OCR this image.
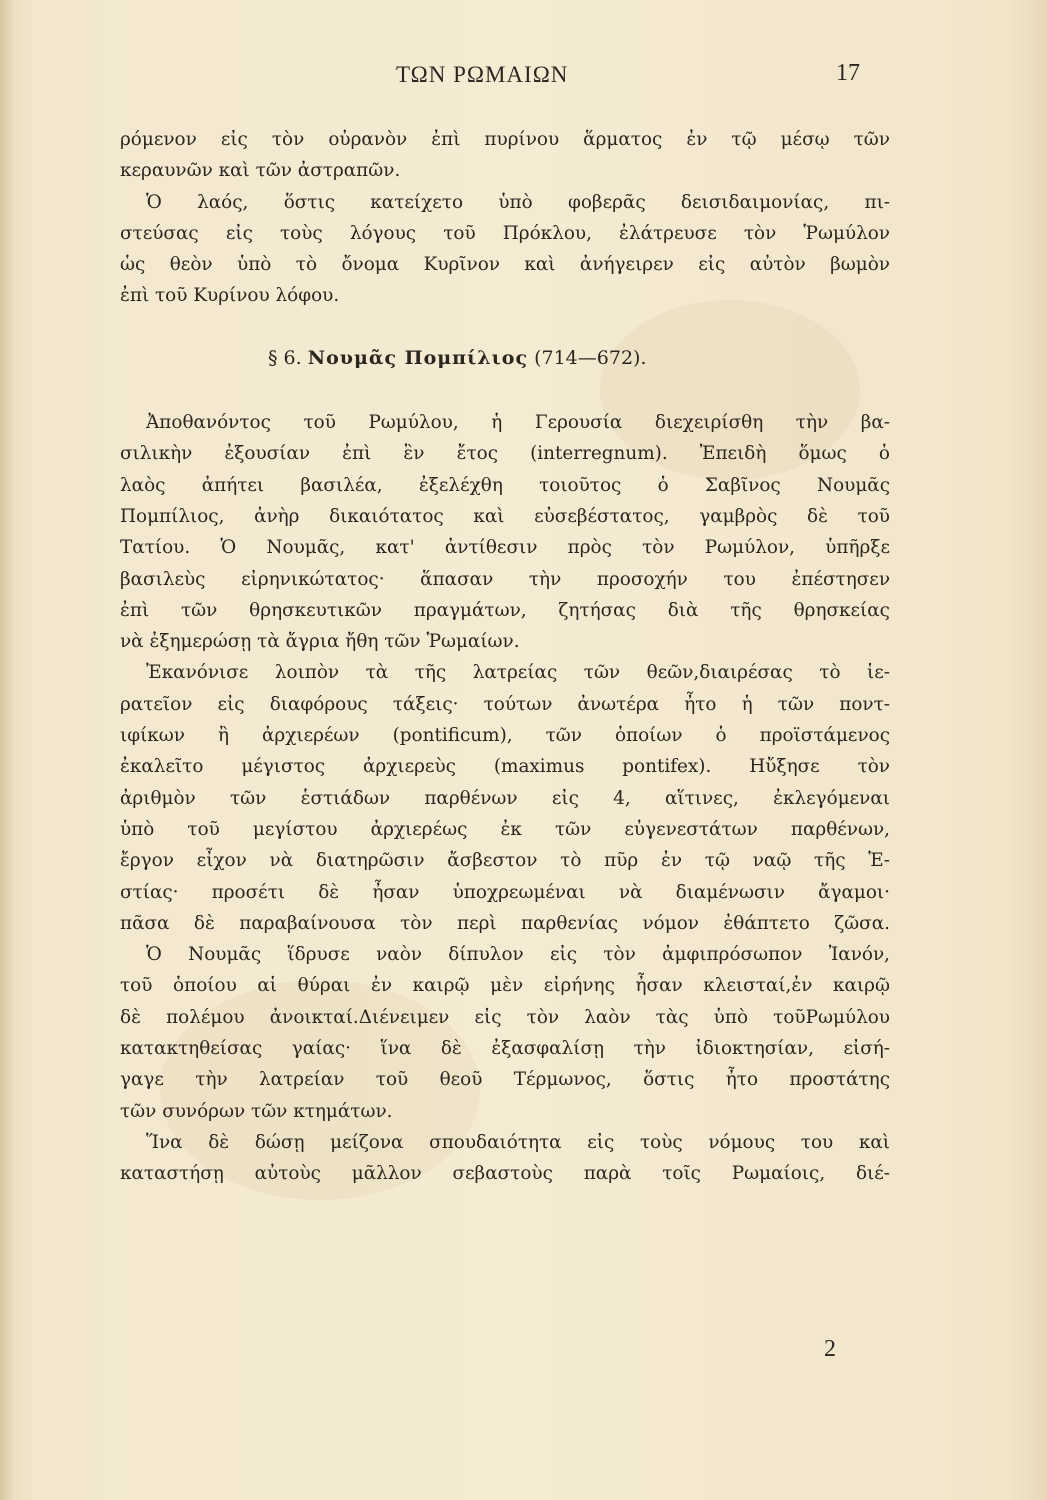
ΤΩΝ ΡΩΜΑΙΩΝ	17
ρόμενον εἰς τὸν οὐρανὸν ἐπὶ πυρίνου ἅρματος ἐν τῷ μέσῳ τῶν
κεραυνῶν καὶ τῶν ἀστραπῶν.
Ὁ λαός, ὅστις κατείχετο ὑπὸ φοβερᾶς δεισιδαιμονίας, πι-
στεύσας εἰς τοὺς λόγους τοῦ Πρόκλου, ἐλάτρευσε τὸν Ῥωμύλον
ὡς θεὸν ὑπὸ τὸ ὄνομα Κυρῖνον καὶ ἀνήγειρεν εἰς αὐτὸν βωμὸν
ἐπὶ τοῦ Κυρίνου λόφου.
§ 6. Νουμᾶς Πομπίλιος (714—672).
Ἀποθανόντος τοῦ Ρωμύλου, ἡ Γερουσία διεχειρίσθη τὴν βα-
σιλικὴν ἐξουσίαν ἐπὶ ἓν ἔτος (interregnum). Ἐπειδὴ ὅμως ὁ
λαὸς ἀπήτει βασιλέα, ἐξελέχθη τοιοῦτος ὁ Σαβῖνος Νουμᾶς
Πομπίλιος, ἀνὴρ δικαιότατος καὶ εὐσεβέστατος, γαμβρὸς δὲ τοῦ
Τατίου. Ὁ Νουμᾶς, κατ' ἀντίθεσιν πρὸς τὸν Ρωμύλον, ὑπῆρξε
βασιλεὺς εἰρηνικώτατος· ἅπασαν τὴν προσοχήν του ἐπέστησεν
ἐπὶ τῶν θρησκευτικῶν πραγμάτων, ζητήσας διὰ τῆς θρησκείας
νὰ ἐξημερώσῃ τὰ ἄγρια ἤθη τῶν Ῥωμαίων.
Ἐκανόνισε λοιπὸν τὰ τῆς λατρείας τῶν θεῶν,διαιρέσας τὸ ἱε-
ρατεῖον εἰς διαφόρους τάξεις· τούτων ἀνωτέρα ἦτο ἡ τῶν ποντ-
ιφίκων ἢ ἀρχιερέων (pontificum), τῶν ὁποίων ὁ προϊστάμενος
ἐκαλεῖτο μέγιστος ἀρχιερεὺς (maximus pontifex). Ηὔξησε τὸν
ἀριθμὸν τῶν ἑστιάδων παρθένων εἰς 4, αἵτινες, ἐκλεγόμεναι
ὑπὸ τοῦ μεγίστου ἀρχιερέως ἐκ τῶν εὐγενεστάτων παρθένων,
ἔργον εἶχον νὰ διατηρῶσιν ἄσβεστον τὸ πῦρ ἐν τῷ ναῷ τῆς Ἑ-
στίας· προσέτι δὲ ἦσαν ὑποχρεωμέναι νὰ διαμένωσιν ἄγαμοι·
πᾶσα δὲ παραβαίνουσα τὸν περὶ παρθενίας νόμον ἐθάπτετο ζῶσα.
Ὁ Νουμᾶς ἵδρυσε ναὸν δίπυλον εἰς τὸν ἀμφιπρόσωπον Ἰανόν,
τοῦ ὁποίου αἱ θύραι ἐν καιρῷ μὲν εἰρήνης ἦσαν κλεισταί,ἐν καιρῷ
δὲ πολέμου ἀνοικταί.Διένειμεν εἰς τὸν λαὸν τὰς ὑπὸ τοῦΡωμύλου
κατακτηθείσας γαίας· ἵνα δὲ ἐξασφαλίσῃ τὴν ἰδιοκτησίαν, εἰσή-
γαγε τὴν λατρείαν τοῦ θεοῦ Τέρμωνος, ὅστις ἦτο προστάτης
τῶν συνόρων τῶν κτημάτων.
Ἵνα δὲ δώσῃ μείζονα σπουδαιότητα εἰς τοὺς νόμους του καὶ
καταστήσῃ αὐτοὺς μᾶλλον σεβαστοὺς παρὰ τοῖς Ρωμαίοις, διέ-
2
